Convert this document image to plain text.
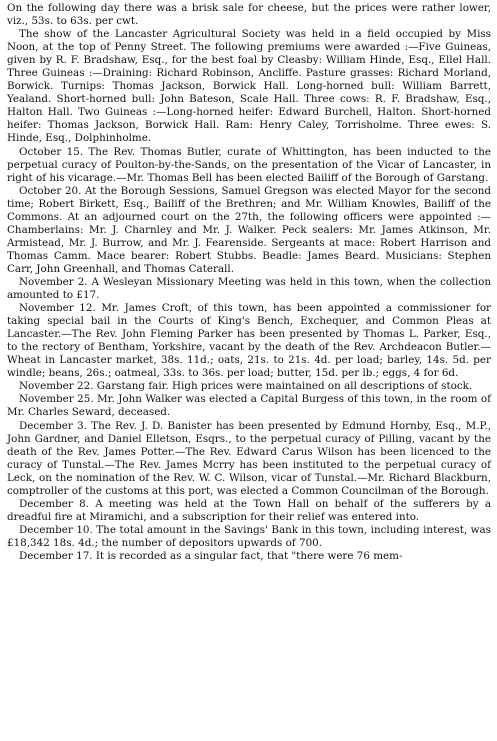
On the following day there was a brisk sale for cheese, but the prices were rather lower, viz., 53s. to 63s. per cwt.

The show of the Lancaster Agricultural Society was held in a field occupied by Miss Noon, at the top of Penny Street. The following premiums were awarded :—Five Guineas, given by R. F. Bradshaw, Esq., for the best foal by Cleasby: William Hinde, Esq., Ellel Hall. Three Guineas :—Draining: Richard Robinson, Ancliffe. Pasture grasses: Richard Morland, Borwick. Turnips: Thomas Jackson, Borwick Hall. Long-horned bull: William Barrett, Yealand. Short-horned bull: John Bateson, Scale Hall. Three cows: R. F. Bradshaw, Esq., Halton Hall. Two Guineas :—Long-horned heifer: Edward Burchell, Halton. Short-horned heifer: Thomas Jackson, Borwick Hall. Ram: Henry Caley, Torrisholme. Three ewes: S. Hinde, Esq., Dolphinholme.

October 15. The Rev. Thomas Butler, curate of Whittington, has been inducted to the perpetual curacy of Poulton-by-the-Sands, on the presentation of the Vicar of Lancaster, in right of his vicarage.—Mr. Thomas Bell has been elected Bailiff of the Borough of Garstang.

October 20. At the Borough Sessions, Samuel Gregson was elected Mayor for the second time; Robert Birkett, Esq., Bailiff of the Brethren; and Mr. William Knowles, Bailiff of the Commons. At an adjourned court on the 27th, the following officers were appointed :—Chamberlains: Mr. J. Charnley and Mr. J. Walker. Peck sealers: Mr. James Atkinson, Mr. Armistead, Mr. J. Burrow, and Mr. J. Fearenside. Sergeants at mace: Robert Harrison and Thomas Camm. Mace bearer: Robert Stubbs. Beadle: James Beard. Musicians: Stephen Carr, John Greenhall, and Thomas Caterall.

November 2. A Wesleyan Missionary Meeting was held in this town, when the collection amounted to £17.

November 12. Mr. James Croft, of this town, has been appointed a commissioner for taking special bail in the Courts of King's Bench, Exchequer, and Common Pleas at Lancaster.—The Rev. John Fleming Parker has been presented by Thomas L. Parker, Esq., to the rectory of Bentham, Yorkshire, vacant by the death of the Rev. Archdeacon Butler.—Wheat in Lancaster market, 38s. 11d.; oats, 21s. to 21s. 4d. per load; barley, 14s. 5d. per windle; beans, 26s.; oatmeal, 33s. to 36s. per load; butter, 15d. per lb.; eggs, 4 for 6d.

November 22. Garstang fair. High prices were maintained on all descriptions of stock.

November 25. Mr. John Walker was elected a Capital Burgess of this town, in the room of Mr. Charles Seward, deceased.

December 3. The Rev. J. D. Banister has been presented by Edmund Hornby, Esq., M.P., John Gardner, and Daniel Elletson, Esqrs., to the perpetual curacy of Pilling, vacant by the death of the Rev. James Potter.—The Rev. Edward Carus Wilson has been licenced to the curacy of Tunstal.—The Rev. James Mcrry has been instituted to the perpetual curacy of Leck, on the nomination of the Rev. W. C. Wilson, vicar of Tunstal.—Mr. Richard Blackburn, comptroller of the customs at this port, was elected a Common Councilman of the Borough.

December 8. A meeting was held at the Town Hall on behalf of the sufferers by a dreadful fire at Miramichi, and a subscription for their relief was entered into.

December 10. The total amount in the Savings' Bank in this town, including interest, was £18,342 18s. 4d.; the number of depositors upwards of 700.

December 17. It is recorded as a singular fact, that "there were 76 mem-
